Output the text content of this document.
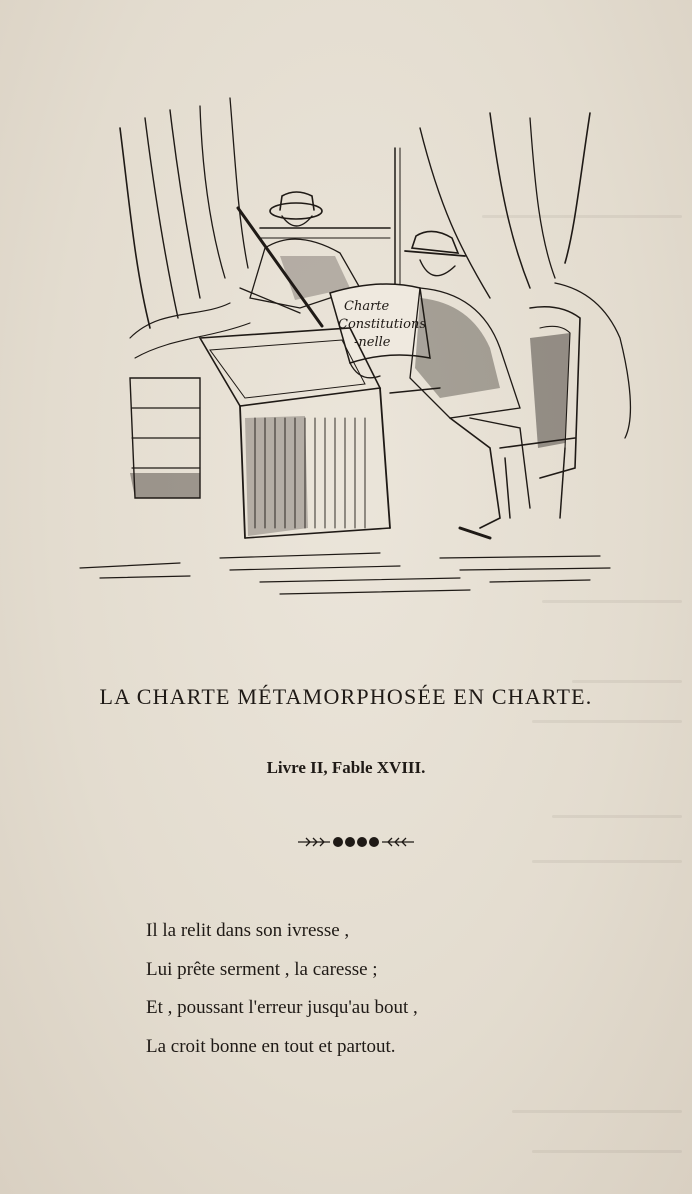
Charte
Constitutions
-nelle
LA CHARTE MÉTAMORPHOSÉE EN CHARTE.

Livre II, Fable XVIII.

Il la relit dans son ivresse ,
Lui prête serment , la caresse ;
Et , poussant l'erreur jusqu'au bout ,
La croit bonne en tout et partout.
